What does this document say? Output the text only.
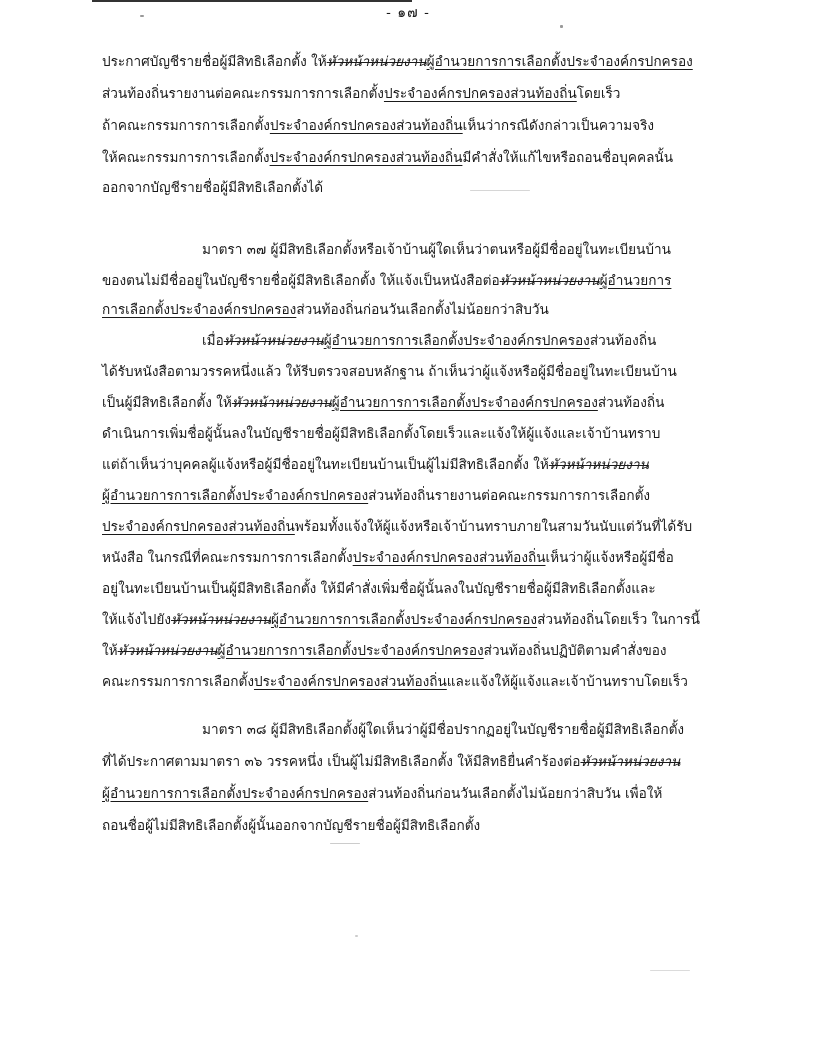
- ๑๗ -
ประกาศบัญชีรายชื่อผู้มีสิทธิเลือกตั้ง ให้หัวหน้าหน่วยงานผู้อำนวยการการเลือกตั้งประจำองค์กรปกครอง
ส่วนท้องถิ่นรายงานต่อคณะกรรมการการเลือกตั้งประจำองค์กรปกครองส่วนท้องถิ่นโดยเร็ว
ถ้าคณะกรรมการการเลือกตั้งประจำองค์กรปกครองส่วนท้องถิ่นเห็นว่ากรณีดังกล่าวเป็นความจริง
ให้คณะกรรมการการเลือกตั้งประจำองค์กรปกครองส่วนท้องถิ่นมีคำสั่งให้แก้ไขหรือถอนชื่อบุคคลนั้น
ออกจากบัญชีรายชื่อผู้มีสิทธิเลือกตั้งได้
มาตรา ๓๗ ผู้มีสิทธิเลือกตั้งหรือเจ้าบ้านผู้ใดเห็นว่าตนหรือผู้มีชื่ออยู่ในทะเบียนบ้าน
ของตนไม่มีชื่ออยู่ในบัญชีรายชื่อผู้มีสิทธิเลือกตั้ง ให้แจ้งเป็นหนังสือต่อหัวหน้าหน่วยงานผู้อำนวยการ
การเลือกตั้งประจำองค์กรปกครองส่วนท้องถิ่นก่อนวันเลือกตั้งไม่น้อยกว่าสิบวัน
เมื่อหัวหน้าหน่วยงานผู้อำนวยการการเลือกตั้งประจำองค์กรปกครองส่วนท้องถิ่น
ได้รับหนังสือตามวรรคหนึ่งแล้ว ให้รีบตรวจสอบหลักฐาน ถ้าเห็นว่าผู้แจ้งหรือผู้มีชื่ออยู่ในทะเบียนบ้าน
เป็นผู้มีสิทธิเลือกตั้ง ให้หัวหน้าหน่วยงานผู้อำนวยการการเลือกตั้งประจำองค์กรปกครองส่วนท้องถิ่น
ดำเนินการเพิ่มชื่อผู้นั้นลงในบัญชีรายชื่อผู้มีสิทธิเลือกตั้งโดยเร็วและแจ้งให้ผู้แจ้งและเจ้าบ้านทราบ
แต่ถ้าเห็นว่าบุคคลผู้แจ้งหรือผู้มีชื่ออยู่ในทะเบียนบ้านเป็นผู้ไม่มีสิทธิเลือกตั้ง ให้หัวหน้าหน่วยงาน
ผู้อำนวยการการเลือกตั้งประจำองค์กรปกครองส่วนท้องถิ่นรายงานต่อคณะกรรมการการเลือกตั้ง
ประจำองค์กรปกครองส่วนท้องถิ่นพร้อมทั้งแจ้งให้ผู้แจ้งหรือเจ้าบ้านทราบภายในสามวันนับแต่วันที่ได้รับ
หนังสือ ในกรณีที่คณะกรรมการการเลือกตั้งประจำองค์กรปกครองส่วนท้องถิ่นเห็นว่าผู้แจ้งหรือผู้มีชื่อ
อยู่ในทะเบียนบ้านเป็นผู้มีสิทธิเลือกตั้ง ให้มีคำสั่งเพิ่มชื่อผู้นั้นลงในบัญชีรายชื่อผู้มีสิทธิเลือกตั้งและ
ให้แจ้งไปยังหัวหน้าหน่วยงานผู้อำนวยการการเลือกตั้งประจำองค์กรปกครองส่วนท้องถิ่นโดยเร็ว ในการนี้
ให้หัวหน้าหน่วยงานผู้อำนวยการการเลือกตั้งประจำองค์กรปกครองส่วนท้องถิ่นปฏิบัติตามคำสั่งของ
คณะกรรมการการเลือกตั้งประจำองค์กรปกครองส่วนท้องถิ่นและแจ้งให้ผู้แจ้งและเจ้าบ้านทราบโดยเร็ว
มาตรา ๓๘ ผู้มีสิทธิเลือกตั้งผู้ใดเห็นว่าผู้มีชื่อปรากฏอยู่ในบัญชีรายชื่อผู้มีสิทธิเลือกตั้ง
ที่ได้ประกาศตามมาตรา ๓๖ วรรคหนึ่ง เป็นผู้ไม่มีสิทธิเลือกตั้ง ให้มีสิทธิยื่นคำร้องต่อหัวหน้าหน่วยงาน
ผู้อำนวยการการเลือกตั้งประจำองค์กรปกครองส่วนท้องถิ่นก่อนวันเลือกตั้งไม่น้อยกว่าสิบวัน เพื่อให้
ถอนชื่อผู้ไม่มีสิทธิเลือกตั้งผู้นั้นออกจากบัญชีรายชื่อผู้มีสิทธิเลือกตั้ง
